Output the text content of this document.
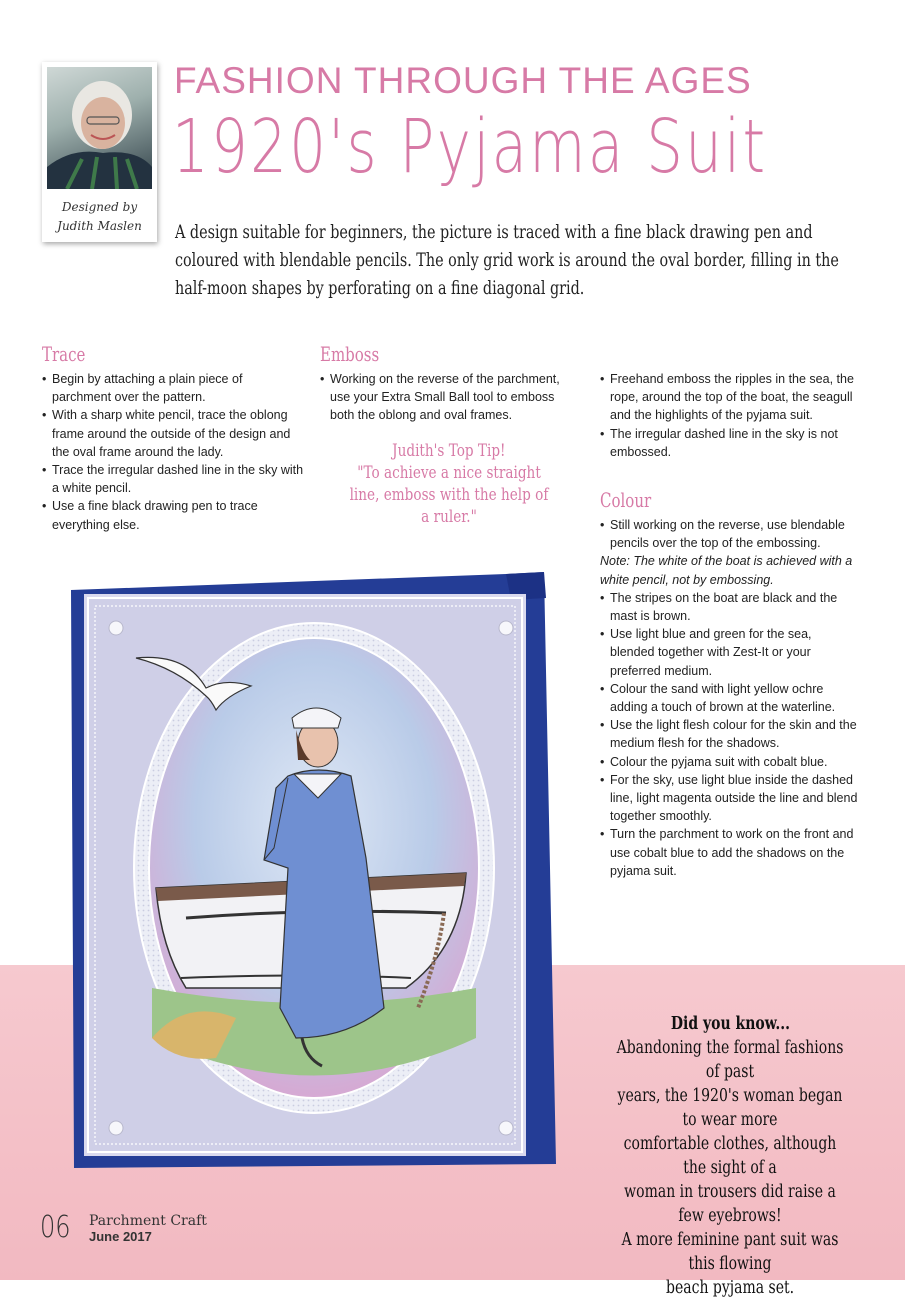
Designed by
Judith Maslen
FASHION THROUGH THE AGES
1920's Pyjama Suit
A design suitable for beginners, the picture is traced with a fine black drawing pen and coloured with blendable pencils. The only grid work is around the oval border, filling in the half-moon shapes by perforating on a fine diagonal grid.
Trace
• Begin by attaching a plain piece of parchment over the pattern.
• With a sharp white pencil, trace the oblong frame around the outside of the design and the oval frame around the lady.
• Trace the irregular dashed line in the sky with a white pencil.
• Use a fine black drawing pen to trace everything else.
Emboss
• Working on the reverse of the parchment, use your Extra Small Ball tool to emboss both the oblong and oval frames.
Judith's Top Tip!
"To achieve a nice straight line, emboss with the help of a ruler."
• Freehand emboss the ripples in the sea, the rope, around the top of the boat, the seagull and the highlights of the pyjama suit.
• The irregular dashed line in the sky is not embossed.
Colour
• Still working on the reverse, use blendable pencils over the top of the embossing.
Note: The white of the boat is achieved with a white pencil, not by embossing.
• The stripes on the boat are black and the mast is brown.
• Use light blue and green for the sea, blended together with Zest-It or your preferred medium.
• Colour the sand with light yellow ochre adding a touch of brown at the waterline.
• Use the light flesh colour for the skin and the medium flesh for the shadows.
• Colour the pyjama suit with cobalt blue.
• For the sky, use light blue inside the dashed line, light magenta outside the line and blend together smoothly.
• Turn the parchment to work on the front and use cobalt blue to add the shadows on the pyjama suit.
Did you know...
Abandoning the formal fashions of past
years, the 1920's woman began to wear more
comfortable clothes, although the sight of a
woman in trousers did raise a few eyebrows!
A more feminine pant suit was this flowing
beach pyjama set.
06 Parchment Craft
June 2017
